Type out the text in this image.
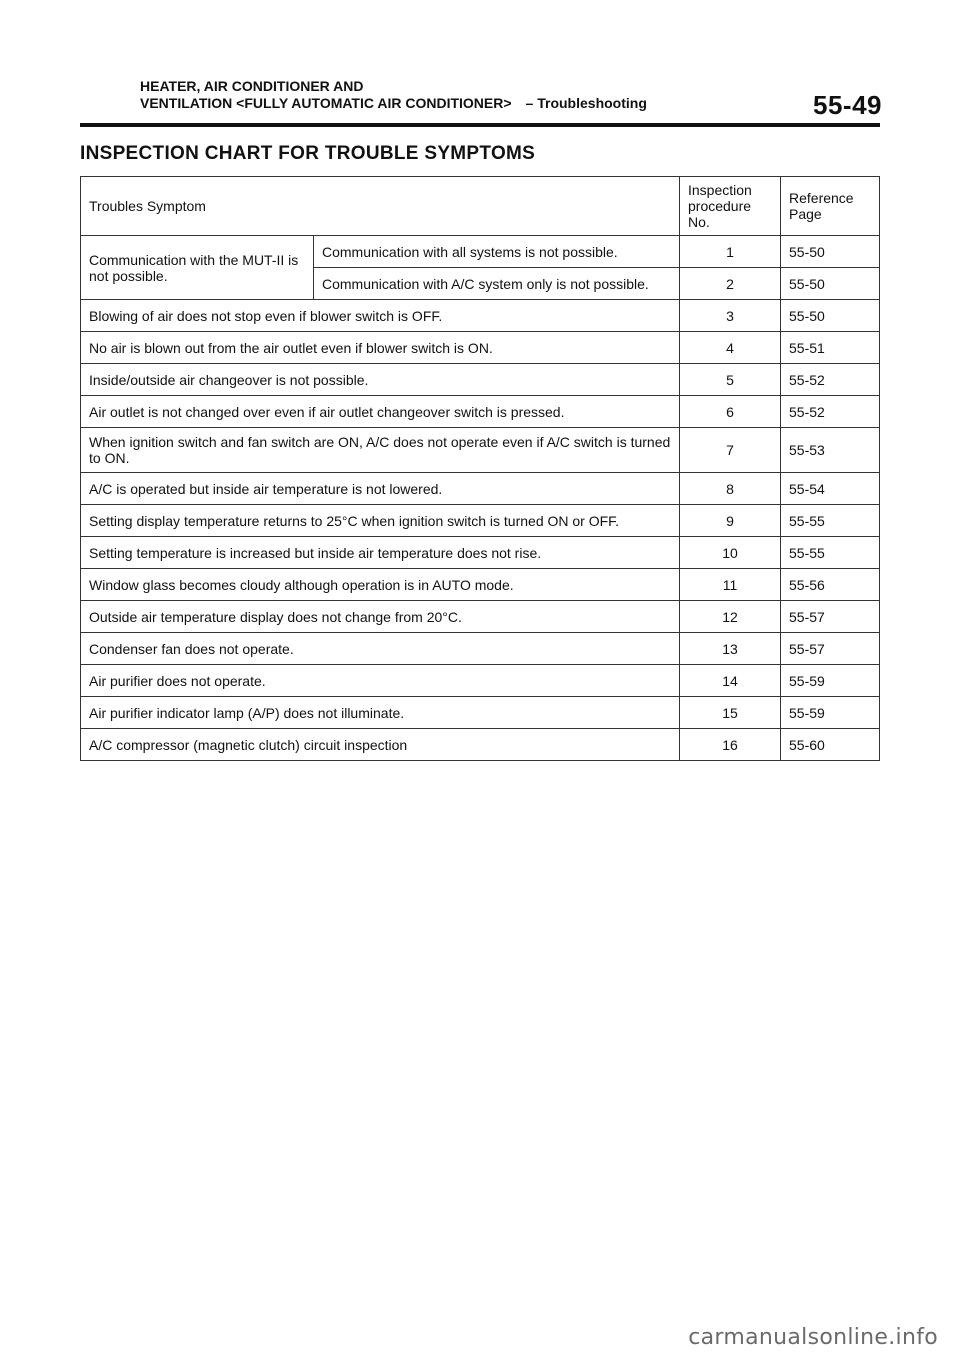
HEATER, AIR CONDITIONER AND
VENTILATION <FULLY AUTOMATIC AIR CONDITIONER> – Troubleshooting	55-49
INSPECTION CHART FOR TROUBLE SYMPTOMS
Troubles Symptom		Inspection procedure No.	Reference Page
Communication with the MUT-II is not possible.	Communication with all systems is not possible.	1	55-50
	Communication with A/C system only is not possible.	2	55-50
Blowing of air does not stop even if blower switch is OFF.		3	55-50
No air is blown out from the air outlet even if blower switch is ON.		4	55-51
Inside/outside air changeover is not possible.		5	55-52
Air outlet is not changed over even if air outlet changeover switch is pressed.		6	55-52
When ignition switch and fan switch are ON, A/C does not operate even if A/C switch is turned to ON.		7	55-53
A/C is operated but inside air temperature is not lowered.		8	55-54
Setting display temperature returns to 25°C when ignition switch is turned ON or OFF.		9	55-55
Setting temperature is increased but inside air temperature does not rise.		10	55-55
Window glass becomes cloudy although operation is in AUTO mode.		11	55-56
Outside air temperature display does not change from 20°C.		12	55-57
Condenser fan does not operate.		13	55-57
Air purifier does not operate.		14	55-59
Air purifier indicator lamp (A/P) does not illuminate.		15	55-59
A/C compressor (magnetic clutch) circuit inspection		16	55-60
carmanualsonline.info
